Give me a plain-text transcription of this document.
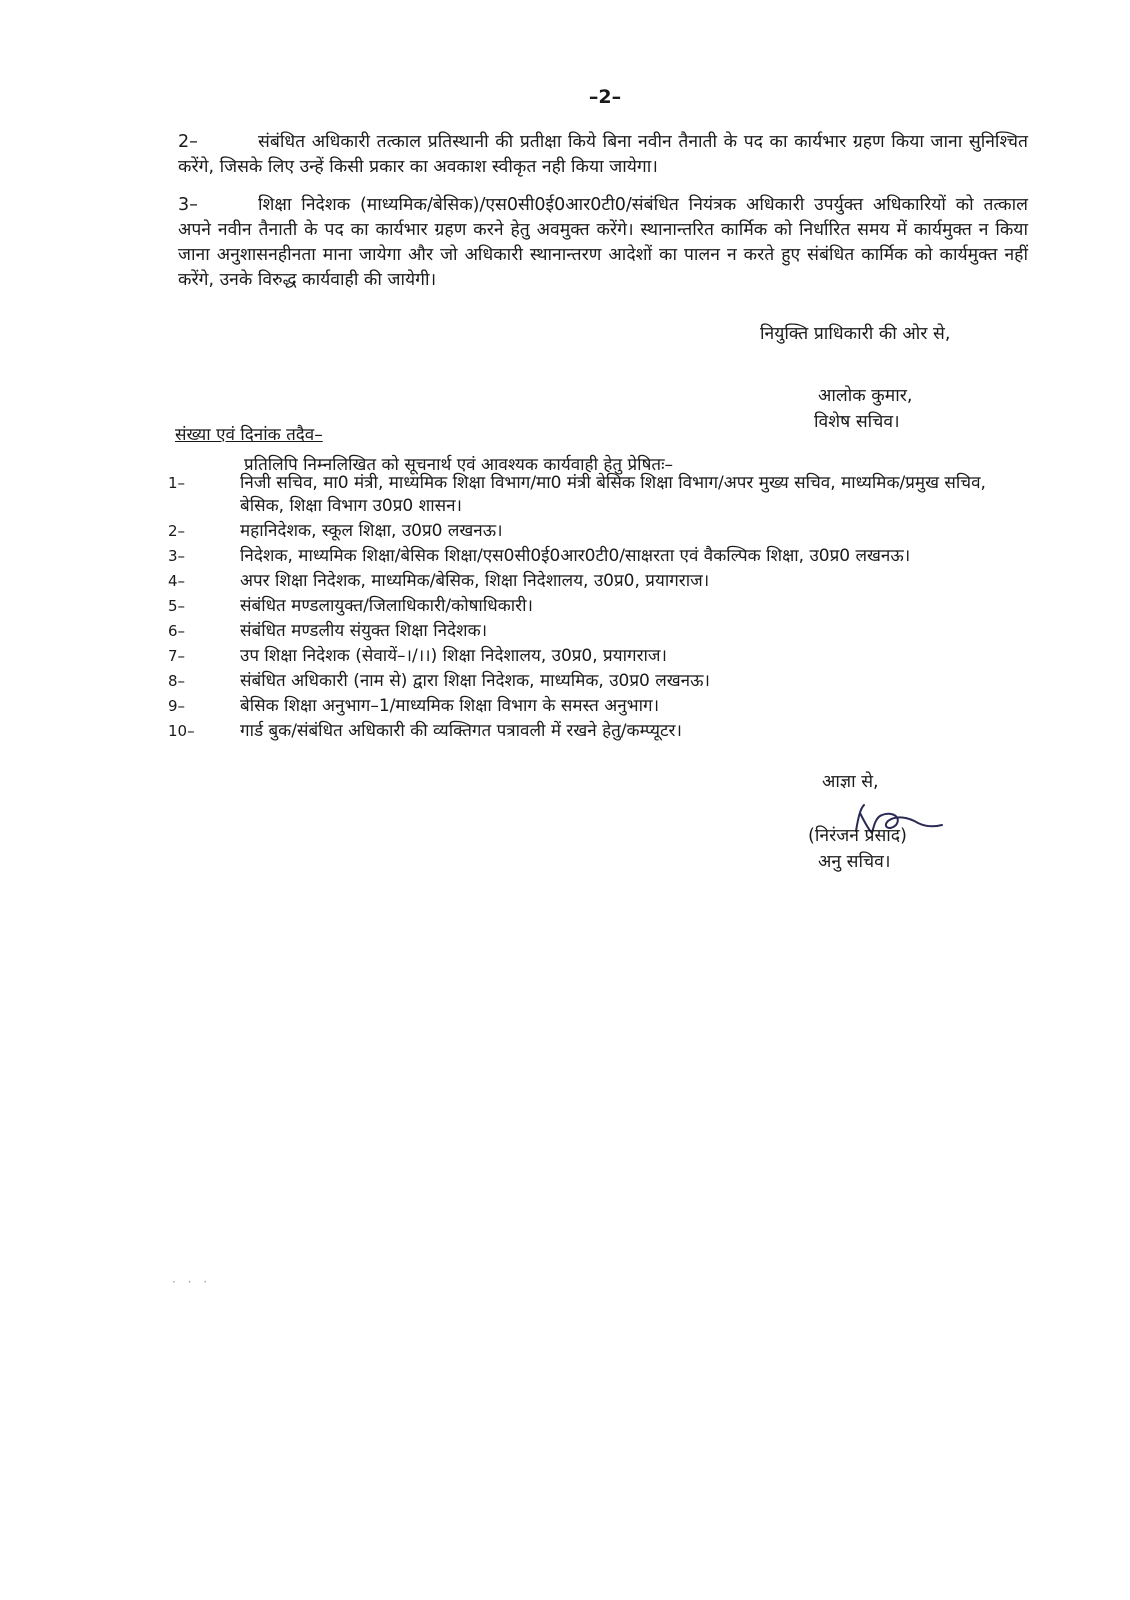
–2–
2–	संबंधित अधिकारी तत्काल प्रतिस्थानी की प्रतीक्षा किये बिना नवीन तैनाती के पद का कार्यभार ग्रहण किया जाना सुनिश्चित करेंगे, जिसके लिए उन्हें किसी प्रकार का अवकाश स्वीकृत नही किया जायेगा।
3–	शिक्षा निदेशक (माध्यमिक/बेसिक)/एस0सी0ई0आर0टी0/संबंधित नियंत्रक अधिकारी उपर्युक्त अधिकारियों को तत्काल अपने नवीन तैनाती के पद का कार्यभार ग्रहण करने हेतु अवमुक्त करेंगे। स्थानान्तरित कार्मिक को निर्धारित समय में कार्यमुक्त न किया जाना अनुशासनहीनता माना जायेगा और जो अधिकारी स्थानान्तरण आदेशों का पालन न करते हुए संबंधित कार्मिक को कार्यमुक्त नहीं करेंगे, उनके विरुद्ध कार्यवाही की जायेगी।
नियुक्ति प्राधिकारी की ओर से,
आलोक कुमार,
विशेष सचिव।
संख्या एवं दिनांक तदैव–
प्रतिलिपि निम्नलिखित को सूचनार्थ एवं आवश्यक कार्यवाही हेतु प्रेषितः–
1–	निजी सचिव, मा0 मंत्री, माध्यमिक शिक्षा विभाग/मा0 मंत्री बेसिक शिक्षा विभाग/अपर मुख्य सचिव, माध्यमिक/प्रमुख सचिव, बेसिक, शिक्षा विभाग उ0प्र0 शासन।
2–	महानिदेशक, स्कूल शिक्षा, उ0प्र0 लखनऊ।
3–	निदेशक, माध्यमिक शिक्षा/बेसिक शिक्षा/एस0सी0ई0आर0टी0/साक्षरता एवं वैकल्पिक शिक्षा, उ0प्र0 लखनऊ।
4–	अपर शिक्षा निदेशक, माध्यमिक/बेसिक, शिक्षा निदेशालय, उ0प्र0, प्रयागराज।
5–	संबंधित मण्डलायुक्त/जिलाधिकारी/कोषाधिकारी।
6–	संबंधित मण्डलीय संयुक्त शिक्षा निदेशक।
7–	उप शिक्षा निदेशक (सेवायें–।/।।) शिक्षा निदेशालय, उ0प्र0, प्रयागराज।
8–	संबंधित अधिकारी (नाम से) द्वारा शिक्षा निदेशक, माध्यमिक, उ0प्र0 लखनऊ।
9–	बेसिक शिक्षा अनुभाग–1/माध्यमिक शिक्षा विभाग के समस्त अनुभाग।
10–	गार्ड बुक/संबंधित अधिकारी की व्यक्तिगत पत्रावली में रखने हेतु/कम्प्यूटर।
आज्ञा से,
(निरंजन प्रसाद)
अनु सचिव।
· · ·
